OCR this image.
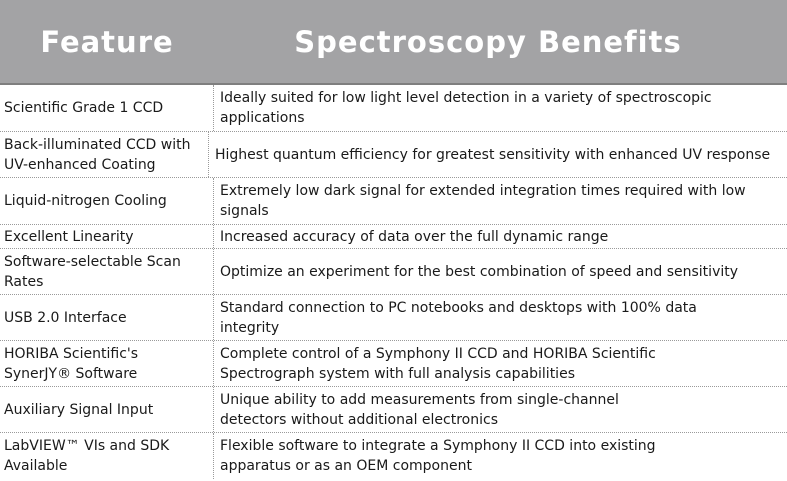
Feature	Spectroscopy Benefits
Scientific Grade 1 CCD
Ideally suited for low light level detection in a variety of spectroscopic applications
Back-illuminated CCD with UV-enhanced Coating
Highest quantum efficiency for greatest sensitivity with enhanced UV response
Liquid-nitrogen Cooling
Extremely low dark signal for extended integration times required with low signals
Excellent Linearity	Increased accuracy of data over the full dynamic range
Software-selectable Scan Rates
Optimize an experiment for the best combination of speed and sensitivity
USB 2.0 Interface
Standard connection to PC notebooks and desktops with 100% data integrity
HORIBA Scientific's SynerJY® Software
Complete control of a Symphony II CCD and HORIBA Scientific Spectrograph system with full analysis capabilities
Auxiliary Signal Input
Unique ability to add measurements from single-channel detectors without additional electronics
LabVIEW™ VIs and SDK Available
Flexible software to integrate a Symphony II CCD into existing apparatus or as an OEM component
